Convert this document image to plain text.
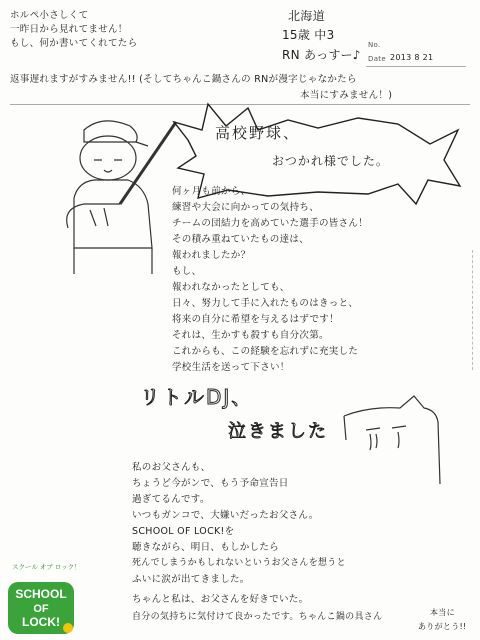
ホルペ小さしくて
一昨日から見れてません！
もし、何か書いてくれてたら
北海道
15歳 中3
RN あっすー♪
No.
Date 2013 8 21
返事遅れますがすみません!! (そしてちゃんこ鍋さんの RNが漫字じゃなかたら
本当にすみません！)
高校野球、
おつかれ様でした。
何ヶ月も前から、
練習や大会に向かっての気持ち、
チームの団結力を高めていた選手の皆さん！
その積み重ねていたもの達は、
報われましたか？
もし、
報われなかったとしても、
日々、努力して手に入れたものはきっと、
将来の自分に希望を与えるはずです！
それは、生かすも殺すも自分次第。
これからも、この経験を忘れずに充実した
学校生活を送って下さい！
リトルDJ、
泣きました
私のお父さんも、
ちょうど今がンで、もう予命宣告日
過ぎてるんです。
いつもガンコで、大嫌いだったお父さん。
SCHOOL OF LOCK!を
聴きながら、明日、もしかしたら
死んでしまうかもしれないというお父さんを想うと
ふいに涙が出てきました。
ちゃんと私は、お父さんを好きでいた。
自分の気持ちに気付けて良かったです。ちゃんこ鍋の具さん	本当に
ありがとう!!
スクール オブ ロック！
SCHOOL
OF
LOCK!
